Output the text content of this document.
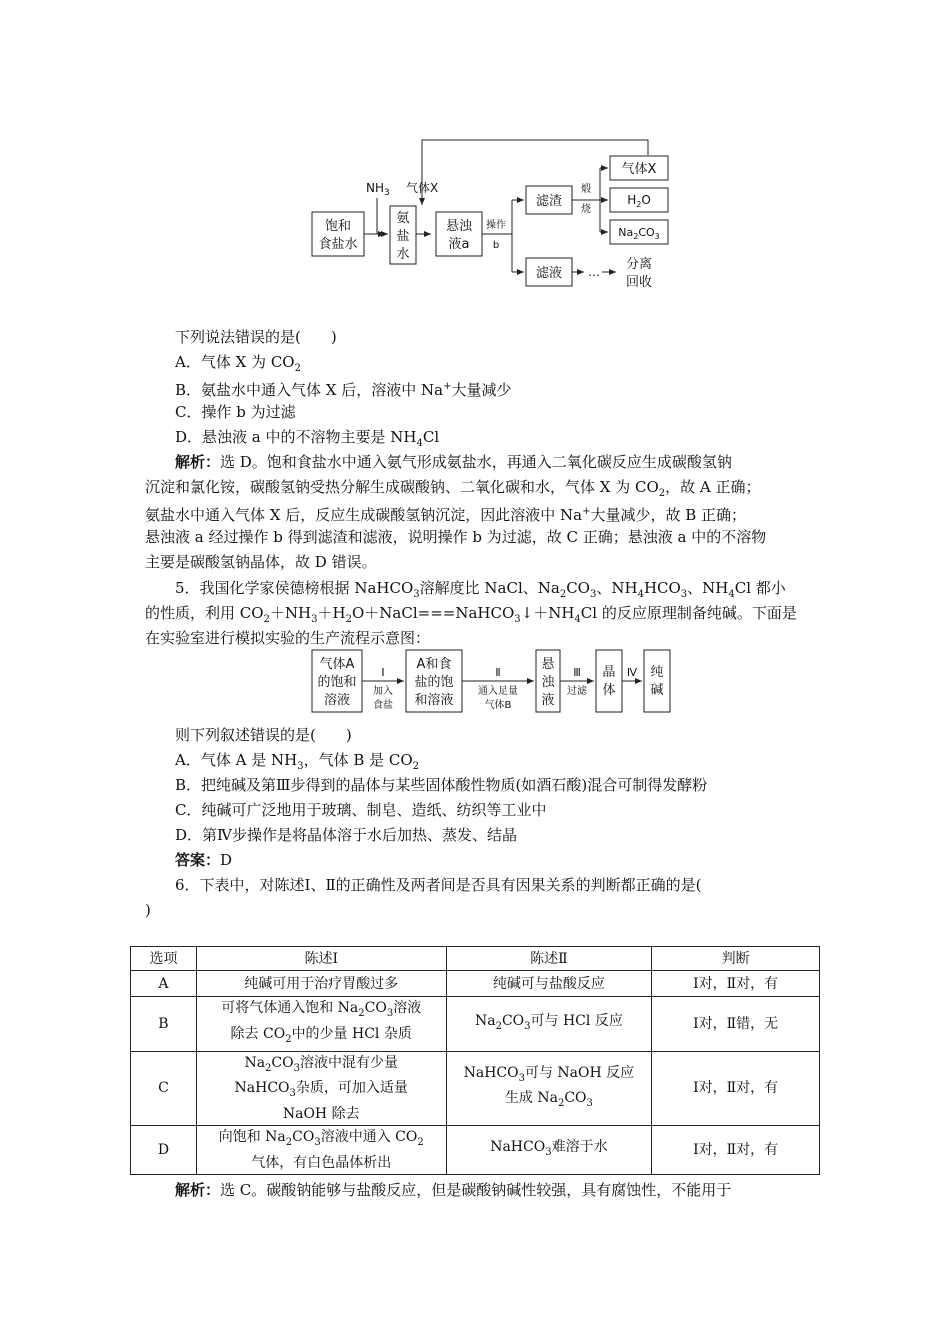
$NH_3$ 气体X
饱和
食盐水
氨
盐
水
悬浊
液a
操作
b
滤渣
煅
烧
气体X
$H_2O$
$Na_2CO_3$
滤液 … 分离
回收
下列说法错误的是(　　)
A．气体 X 为 $CO_2$
B．氨盐水中通入气体 X 后，溶液中 Na+大量减少
C．操作 b 为过滤
D．悬浊液 a 中的不溶物主要是 $NH_4Cl$
解析：选 D。饱和食盐水中通入氨气形成氨盐水，再通入二氧化碳反应生成碳酸氢钠
沉淀和氯化铵，碳酸氢钠受热分解生成碳酸钠、二氧化碳和水，气体 X 为 $CO_2$，故 A 正确；
氨盐水中通入气体 X 后，反应生成碳酸氢钠沉淀，因此溶液中 Na+大量减少，故 B 正确；
悬浊液 a 经过操作 b 得到滤渣和滤液，说明操作 b 为过滤，故 C 正确；悬浊液 a 中的不溶物
主要是碳酸氢钠晶体，故 D 错误。
5．我国化学家侯德榜根据 NaHCO$_3$溶解度比 NaCl、$Na_2CO_3$、$NH_4HCO_3$、$NH_4Cl$ 都小
的性质，利用 $CO_2+NH_3+H_2O+NaCl===NaHCO_3↓+NH_4Cl$ 的反应原理制备纯碱。下面是
在实验室进行模拟实验的生产流程示意图：
气体A
的饱和
溶液
Ⅰ
加入
食盐
A和食
盐的饱
和溶液
Ⅱ
通入足量
气体B
悬
浊
液
Ⅲ
过滤
晶
体
Ⅳ 纯
碱
则下列叙述错误的是(　　)
A．气体 A 是 $NH_3$，气体 B 是 $CO_2$
B．把纯碱及第Ⅲ步得到的晶体与某些固体酸性物质(如酒石酸)混合可制得发酵粉
C．纯碱可广泛地用于玻璃、制皂、造纸、纺织等工业中
D．第Ⅳ步操作是将晶体溶于水后加热、蒸发、结晶
答案：D
6．下表中，对陈述Ⅰ、Ⅱ的正确性及两者间是否具有因果关系的判断都正确的是(
)
选项	陈述Ⅰ	陈述Ⅱ	判断
A	纯碱可用于治疗胃酸过多	纯碱可与盐酸反应	Ⅰ对，Ⅱ对，有
B	可将气体通入饱和 $Na_2CO_3$溶液
除去 $CO_2$中的少量 HCl 杂质	$Na_2CO_3$可与 HCl 反应	Ⅰ对，Ⅱ错，无
C	$Na_2CO_3$溶液中混有少量
NaHCO$_3$杂质，可加入适量
NaOH 除去	NaHCO$_3$可与 NaOH 反应
生成 $Na_2CO_3$	Ⅰ对，Ⅱ对，有
D	向饱和 $Na_2CO_3$溶液中通入 $CO_2$
气体，有白色晶体析出	NaHCO$_3$难溶于水	Ⅰ对，Ⅱ对，有
解析：选 C。碳酸钠能够与盐酸反应，但是碳酸钠碱性较强，具有腐蚀性，不能用于
